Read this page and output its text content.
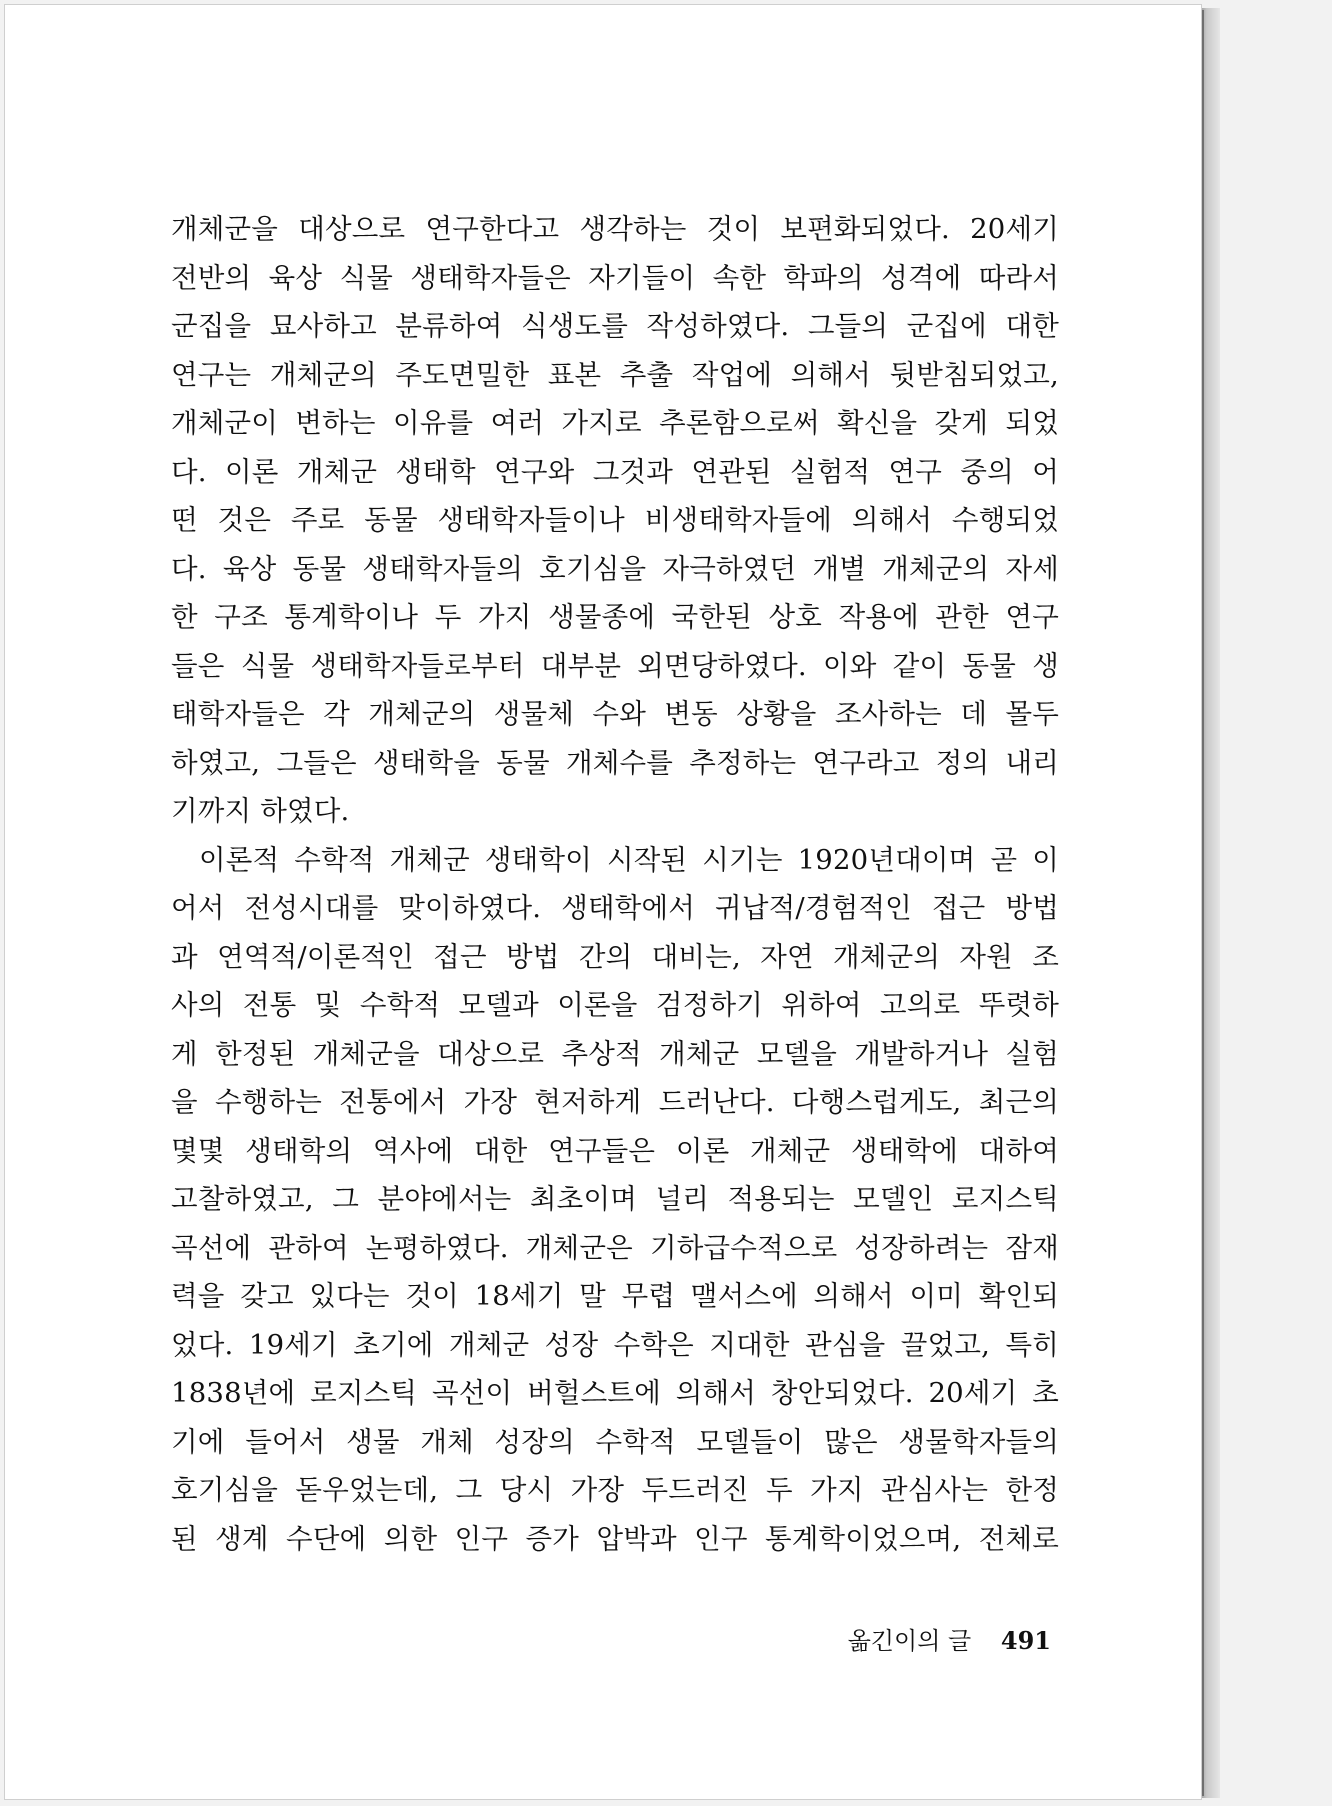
개체군을 대상으로 연구한다고 생각하는 것이 보편화되었다. 20세기
전반의 육상 식물 생태학자들은 자기들이 속한 학파의 성격에 따라서
군집을 묘사하고 분류하여 식생도를 작성하였다. 그들의 군집에 대한
연구는 개체군의 주도면밀한 표본 추출 작업에 의해서 뒷받침되었고,
개체군이 변하는 이유를 여러 가지로 추론함으로써 확신을 갖게 되었
다. 이론 개체군 생태학 연구와 그것과 연관된 실험적 연구 중의 어
떤 것은 주로 동물 생태학자들이나 비생태학자들에 의해서 수행되었
다. 육상 동물 생태학자들의 호기심을 자극하였던 개별 개체군의 자세
한 구조 통계학이나 두 가지 생물종에 국한된 상호 작용에 관한 연구
들은 식물 생태학자들로부터 대부분 외면당하였다. 이와 같이 동물 생
태학자들은 각 개체군의 생물체 수와 변동 상황을 조사하는 데 몰두
하였고, 그들은 생태학을 동물 개체수를 추정하는 연구라고 정의 내리
기까지 하였다.
이론적 수학적 개체군 생태학이 시작된 시기는 1920년대이며 곧 이
어서 전성시대를 맞이하였다. 생태학에서 귀납적/경험적인 접근 방법
과 연역적/이론적인 접근 방법 간의 대비는, 자연 개체군의 자원 조
사의 전통 및 수학적 모델과 이론을 검정하기 위하여 고의로 뚜렷하
게 한정된 개체군을 대상으로 추상적 개체군 모델을 개발하거나 실험
을 수행하는 전통에서 가장 현저하게 드러난다. 다행스럽게도, 최근의
몇몇 생태학의 역사에 대한 연구들은 이론 개체군 생태학에 대하여
고찰하였고, 그 분야에서는 최초이며 널리 적용되는 모델인 로지스틱
곡선에 관하여 논평하였다. 개체군은 기하급수적으로 성장하려는 잠재
력을 갖고 있다는 것이 18세기 말 무렵 맬서스에 의해서 이미 확인되
었다. 19세기 초기에 개체군 성장 수학은 지대한 관심을 끌었고, 특히
1838년에 로지스틱 곡선이 버헐스트에 의해서 창안되었다. 20세기 초
기에 들어서 생물 개체 성장의 수학적 모델들이 많은 생물학자들의
호기심을 돋우었는데, 그 당시 가장 두드러진 두 가지 관심사는 한정
된 생계 수단에 의한 인구 증가 압박과 인구 통계학이었으며, 전체로
옮긴이의 글 491
